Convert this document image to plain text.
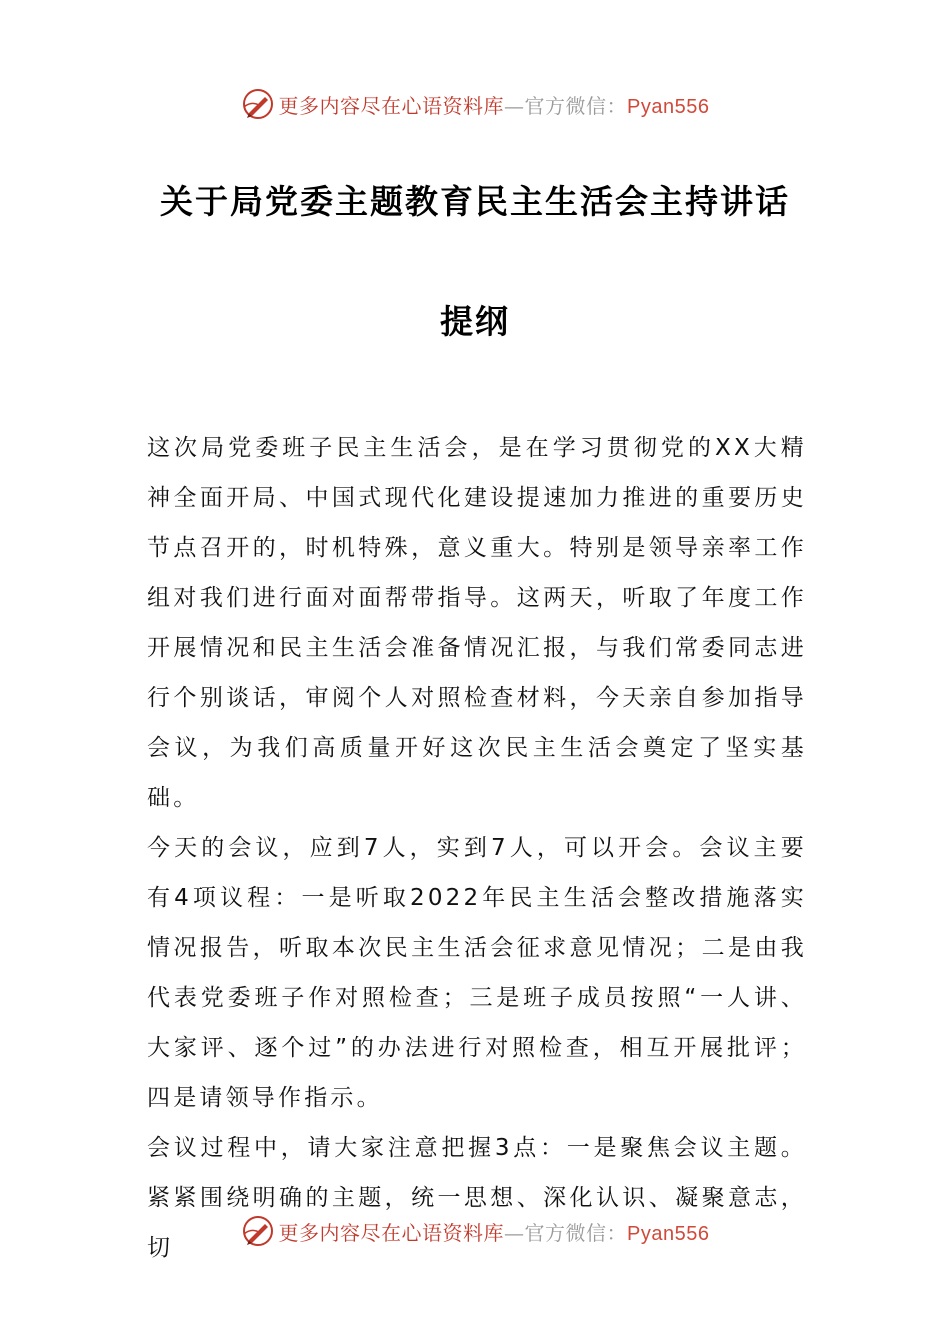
更多内容尽在心语资料库—官方微信：Pyan556
关于局党委主题教育民主生活会主持讲话
提纲

这次局党委班子民主生活会，是在学习贯彻党的XX大精神全面开局、中国式现代化建设提速加力推进的重要历史节点召开的，时机特殊，意义重大。特别是领导亲率工作组对我们进行面对面帮带指导。这两天，听取了年度工作开展情况和民主生活会准备情况汇报，与我们常委同志进行个别谈话，审阅个人对照检查材料，今天亲自参加指导会议，为我们高质量开好这次民主生活会奠定了坚实基础。

今天的会议，应到7人，实到7人，可以开会。会议主要有4项议程：一是听取2022年民主生活会整改措施落实情况报告，听取本次民主生活会征求意见情况；二是由我代表党委班子作对照检查；三是班子成员按照“一人讲、大家评、逐个过”的办法进行对照检查，相互开展批评；四是请领导作指示。

会议过程中，请大家注意把握3点：一是聚焦会议主题。紧紧围绕明确的主题，统一思想、深化认识、凝聚意志，切

更多内容尽在心语资料库—官方微信：Pyan556
